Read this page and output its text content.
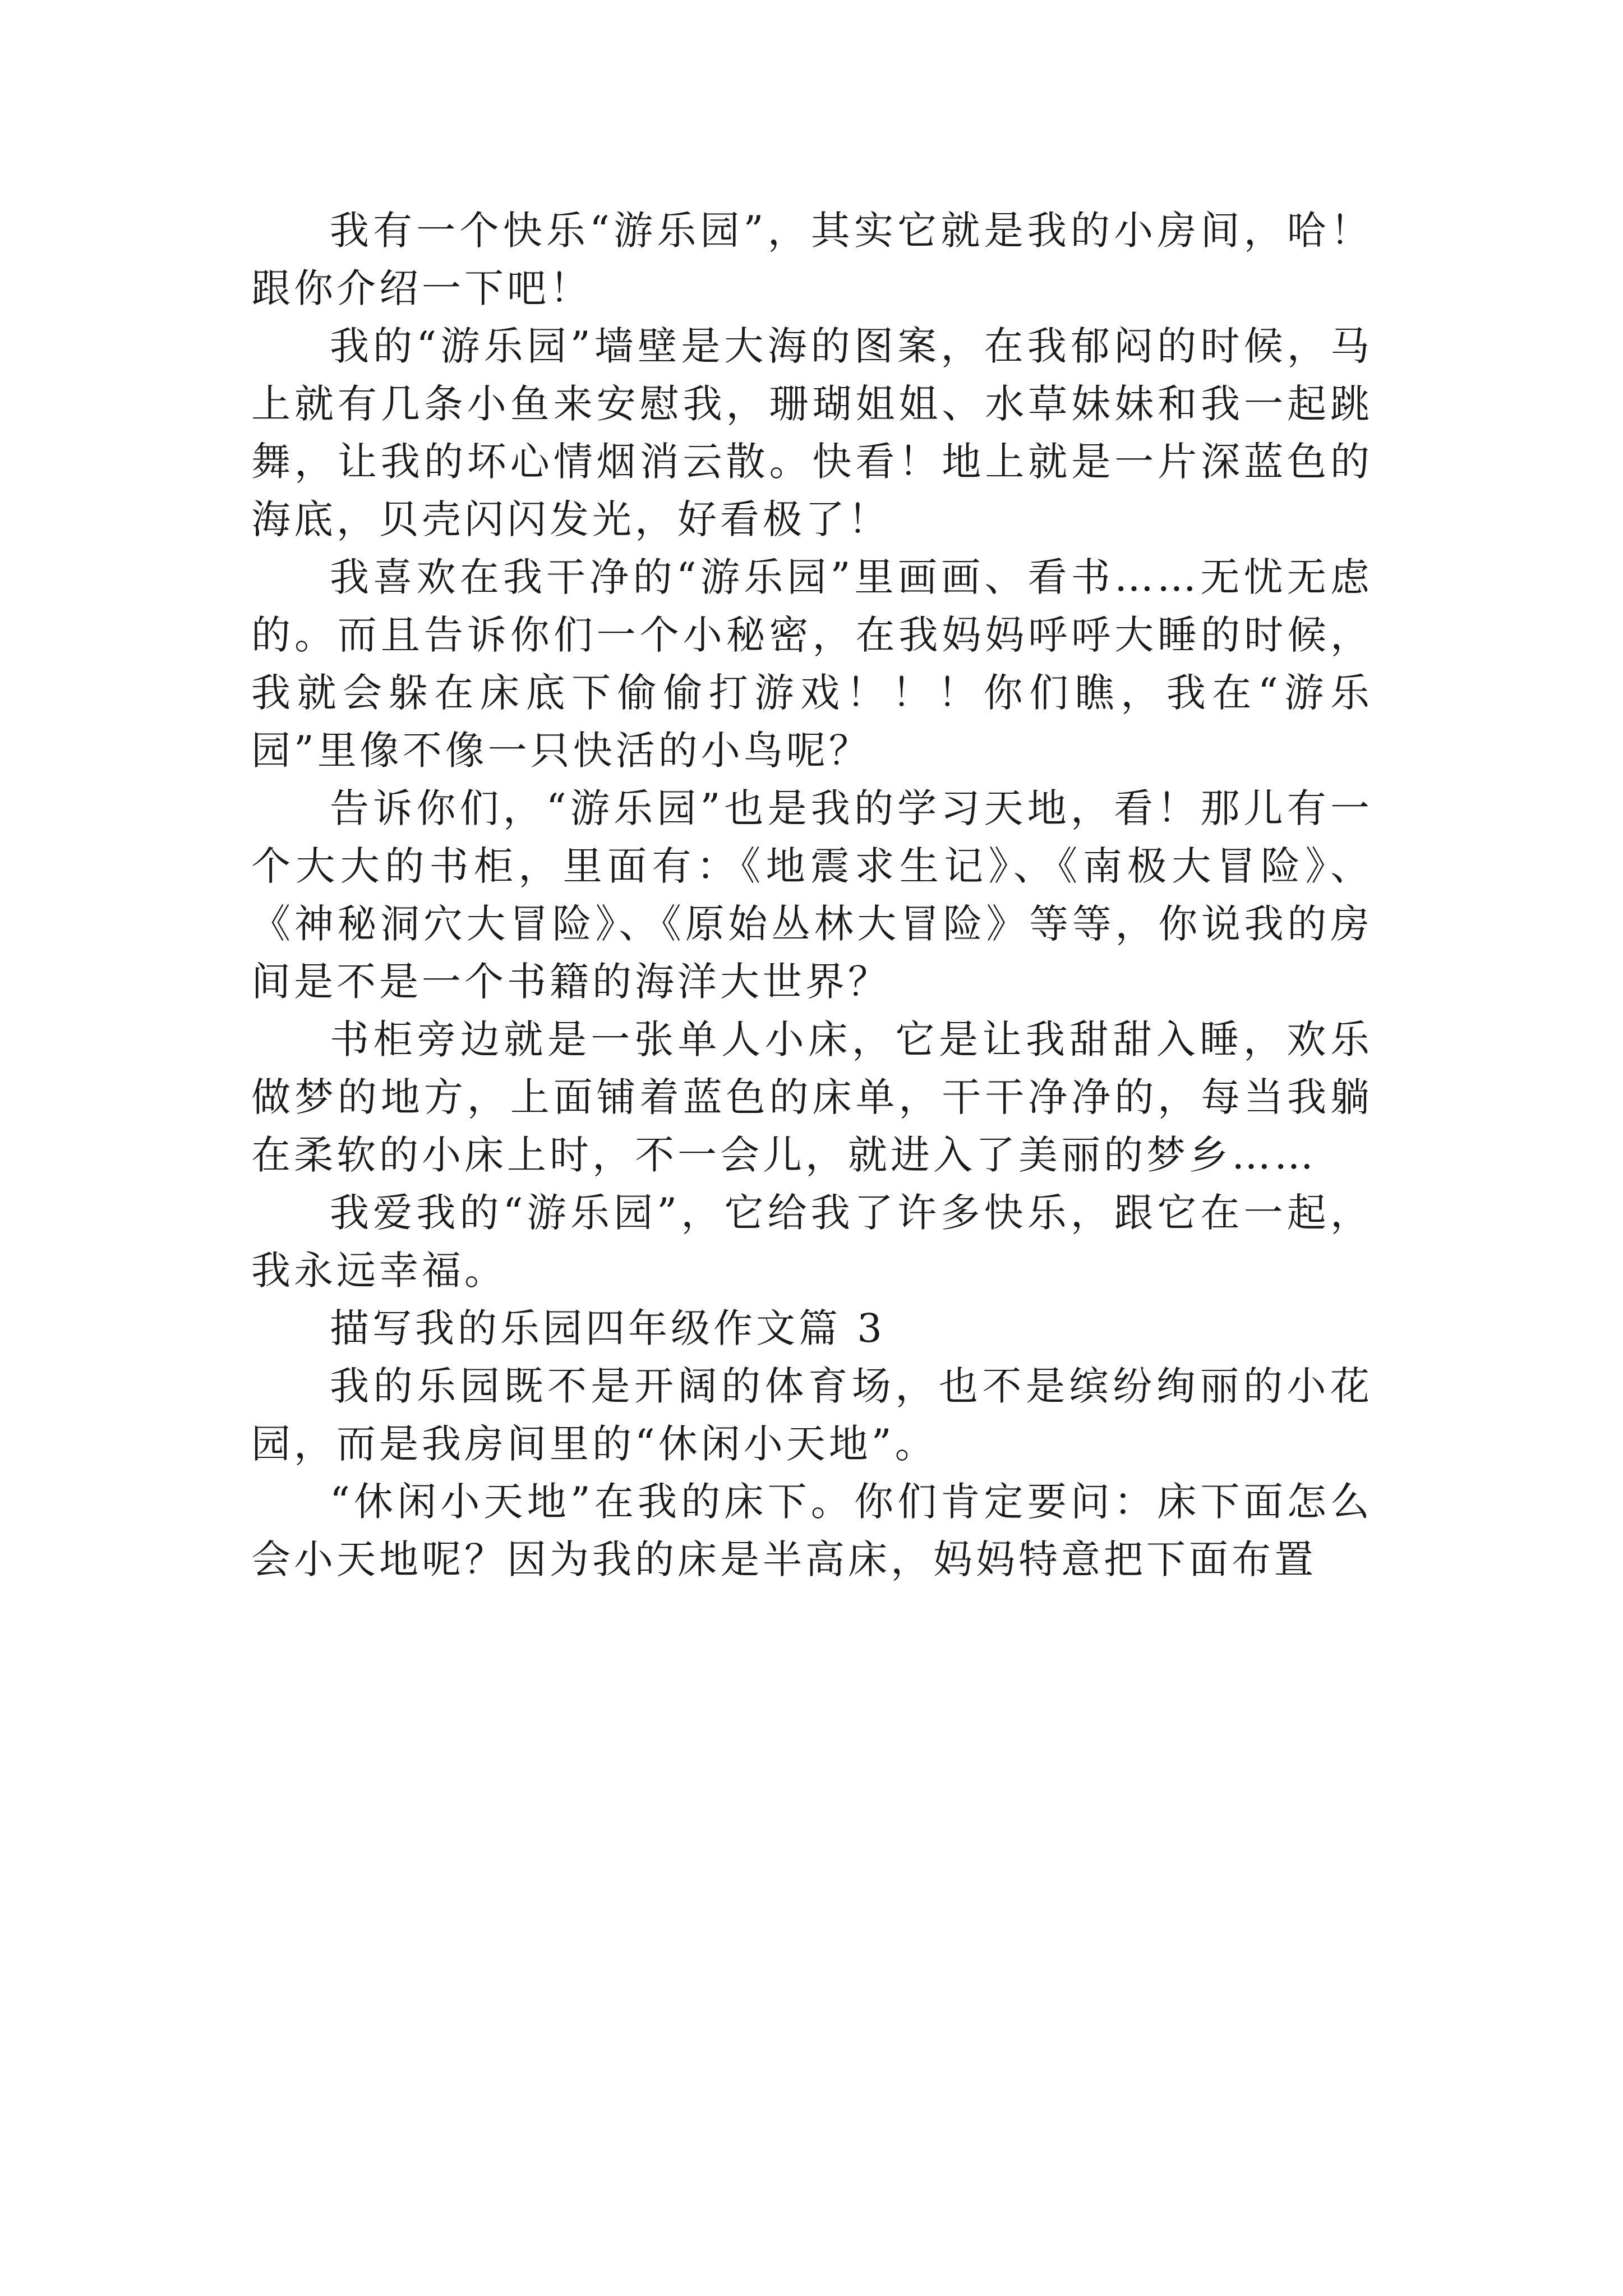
我有一个快乐“游乐园”，其实它就是我的小房间，哈！跟你介绍一下吧！

我的“游乐园”墙壁是大海的图案，在我郁闷的时候，马上就有几条小鱼来安慰我，珊瑚姐姐、水草妹妹和我一起跳舞，让我的坏心情烟消云散。快看！地上就是一片深蓝色的海底，贝壳闪闪发光，好看极了！

我喜欢在我干净的“游乐园”里画画、看书……无忧无虑的。而且告诉你们一个小秘密，在我妈妈呼呼大睡的时候，我就会躲在床底下偷偷打游戏！！！你们瞧，我在“游乐园”里像不像一只快活的小鸟呢？

告诉你们，“游乐园”也是我的学习天地，看！那儿有一个大大的书柜，里面有：《地震求生记》、《南极大冒险》、《神秘洞穴大冒险》、《原始丛林大冒险》等等，你说我的房间是不是一个书籍的海洋大世界？

书柜旁边就是一张单人小床，它是让我甜甜入睡，欢乐做梦的地方，上面铺着蓝色的床单，干干净净的，每当我躺在柔软的小床上时，不一会儿，就进入了美丽的梦乡……

我爱我的“游乐园”，它给我了许多快乐，跟它在一起，我永远幸福。

描写我的乐园四年级作文篇 3

我的乐园既不是开阔的体育场，也不是缤纷绚丽的小花园，而是我房间里的“休闲小天地”。

“休闲小天地”在我的床下。你们肯定要问：床下面怎么会小天地呢？因为我的床是半高床，妈妈特意把下面布置
